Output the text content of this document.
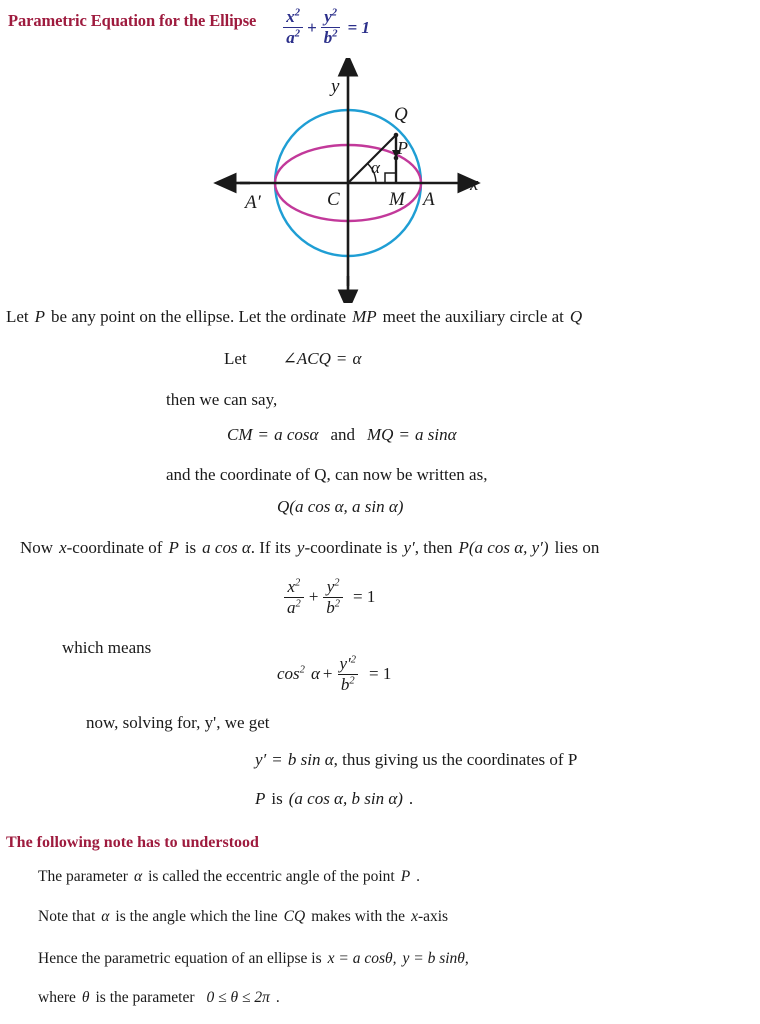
Parametric Equation for the Ellipse $\frac{x^2}{a^2} + \frac{y^2}{b^2} = 1$
y
x
Q
P
α
C	M A
A′
Let P be any point on the ellipse. Let the ordinate MP meet the auxiliary circle at Q
Let ∠ACQ = α
then we can say,
CM = a cosα and MQ = a sinα
and the coordinate of Q, can now be written as,
Q(a cos α, a sin α)
Now x-coordinate of P is a cos α. If its y-coordinate is y′, then P(a cos α, y′) lies on
$\frac{x^2}{a^2} + \frac{y^2}{b^2} = 1$
which means
$\cos^2 \alpha + \frac{y'^2}{b^2} = 1$
now, solving for, y', we get
y′ = b sin α, thus giving us the coordinates of P
P is (a cos α, b sin α) .
The following note has to understood
The parameter α is called the eccentric angle of the point P .
Note that α is the angle which the line CQ makes with the x-axis
Hence the parametric equation of an ellipse is x = a cosθ, y = b sinθ,
where θ is the parameter 0 ≤ θ ≤ 2π .
